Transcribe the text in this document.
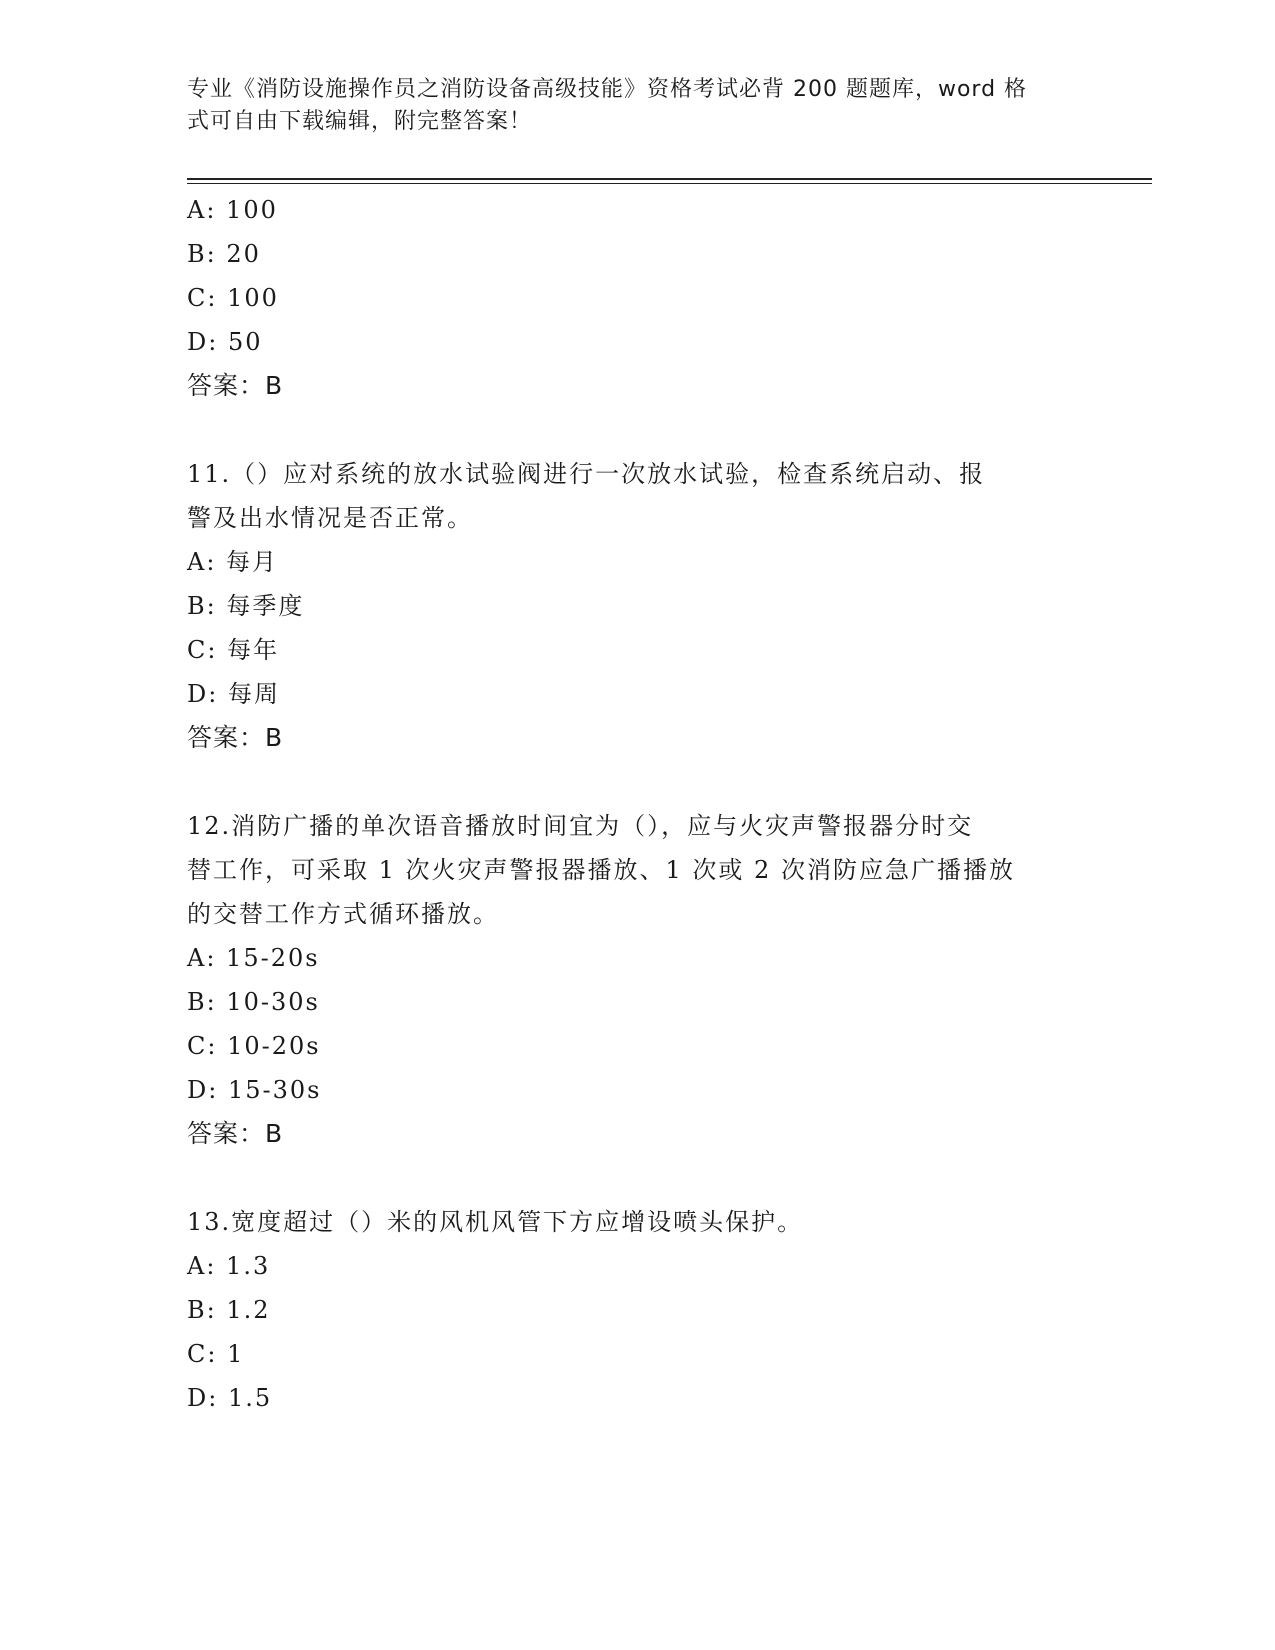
专业《消防设施操作员之消防设备高级技能》资格考试必背 200 题题库，word 格
式可自由下载编辑，附完整答案！
A: 100
B: 20
C: 100
D: 50
答案：B
11.（）应对系统的放水试验阀进行一次放水试验，检查系统启动、报
警及出水情况是否正常。
A: 每月
B: 每季度
C: 每年
D: 每周
答案：B
12.消防广播的单次语音播放时间宜为（），应与火灾声警报器分时交
替工作，可采取 1 次火灾声警报器播放、1 次或 2 次消防应急广播播放
的交替工作方式循环播放。
A: 15-20s
B: 10-30s
C: 10-20s
D: 15-30s
答案：B
13.宽度超过（）米的风机风管下方应增设喷头保护。
A: 1.3
B: 1.2
C: 1
D: 1.5
